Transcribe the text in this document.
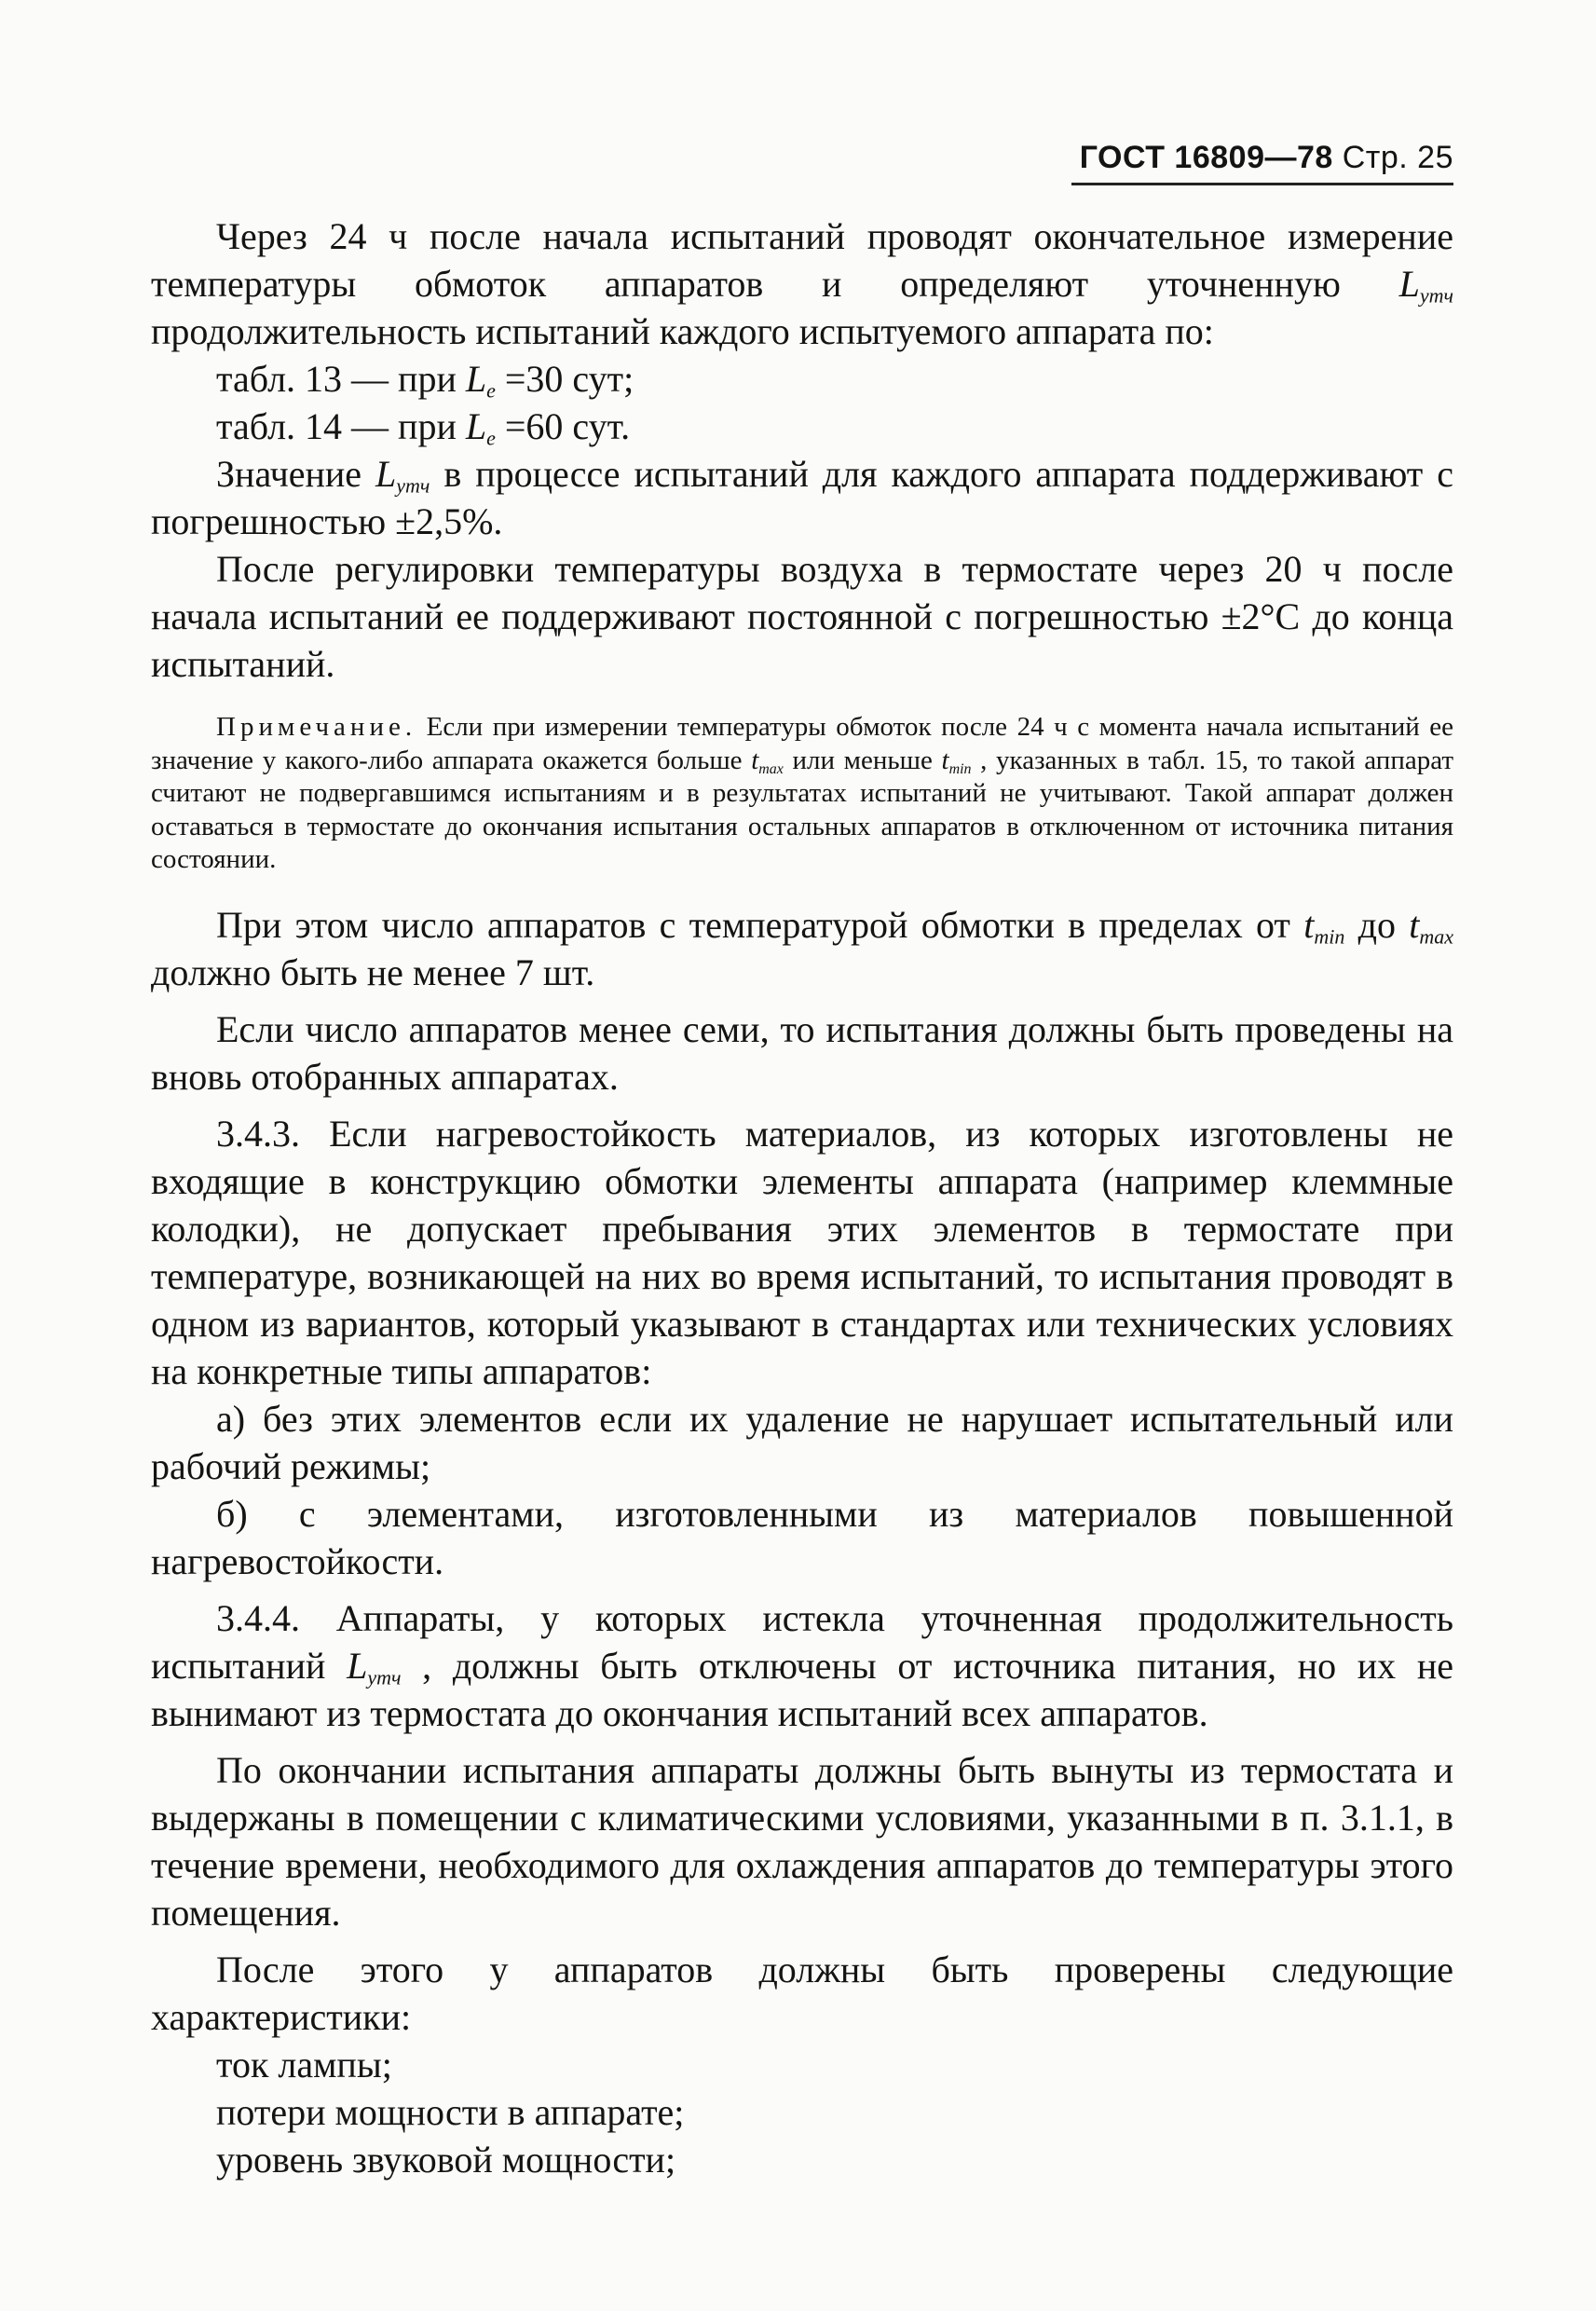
ГОСТ 16809—78 Стр. 25

Через 24 ч после начала испытаний проводят окончательное измерение температуры обмоток аппаратов и определяют уточненную $L_{утч}$ продолжительность испытаний каждого испытуемого аппарата по:

табл. 13 — при $L_e =30$ сут;

табл. 14 — при $L_e =60$ сут.

Значение $L_{утч}$ в процессе испытаний для каждого аппарата поддерживают с погрешностью ±2,5%.

После регулировки температуры воздуха в термостате через 20 ч после начала испытаний ее поддерживают постоянной с погрешностью ±2°С до конца испытаний.

Примечание. Если при измерении температуры обмоток после 24 ч с момента начала испытаний ее значение у какого-либо аппарата окажется больше $t_{max}$ или меньше $t_{min}$ , указанных в табл. 15, то такой аппарат считают не подвергавшимся испытаниям и в результатах испытаний не учитывают. Такой аппарат должен оставаться в термостате до окончания испытания остальных аппаратов в отключенном от источника питания состоянии.

При этом число аппаратов с температурой обмотки в пределах от $t_{min}$ до $t_{max}$ должно быть не менее 7 шт.

Если число аппаратов менее семи, то испытания должны быть проведены на вновь отобранных аппаратах.

3.4.3. Если нагревостойкость материалов, из которых изготовлены не входящие в конструкцию обмотки элементы аппарата (например клеммные колодки), не допускает пребывания этих элементов в термостате при температуре, возникающей на них во время испытаний, то испытания проводят в одном из вариантов, который указывают в стандартах или технических условиях на конкретные типы аппаратов:

а) без этих элементов если их удаление не нарушает испытательный или рабочий режимы;

б) с элементами, изготовленными из материалов повышенной нагревостойкости.

3.4.4. Аппараты, у которых истекла уточненная продолжительность испытаний $L_{утч}$ , должны быть отключены от источника питания, но их не вынимают из термостата до окончания испытаний всех аппаратов.

По окончании испытания аппараты должны быть вынуты из термостата и выдержаны в помещении с климатическими условиями, указанными в п. 3.1.1, в течение времени, необходимого для охлаждения аппаратов до температуры этого помещения.

После этого у аппаратов должны быть проверены следующие характеристики:

ток лампы;

потери мощности в аппарате;

уровень звуковой мощности;
